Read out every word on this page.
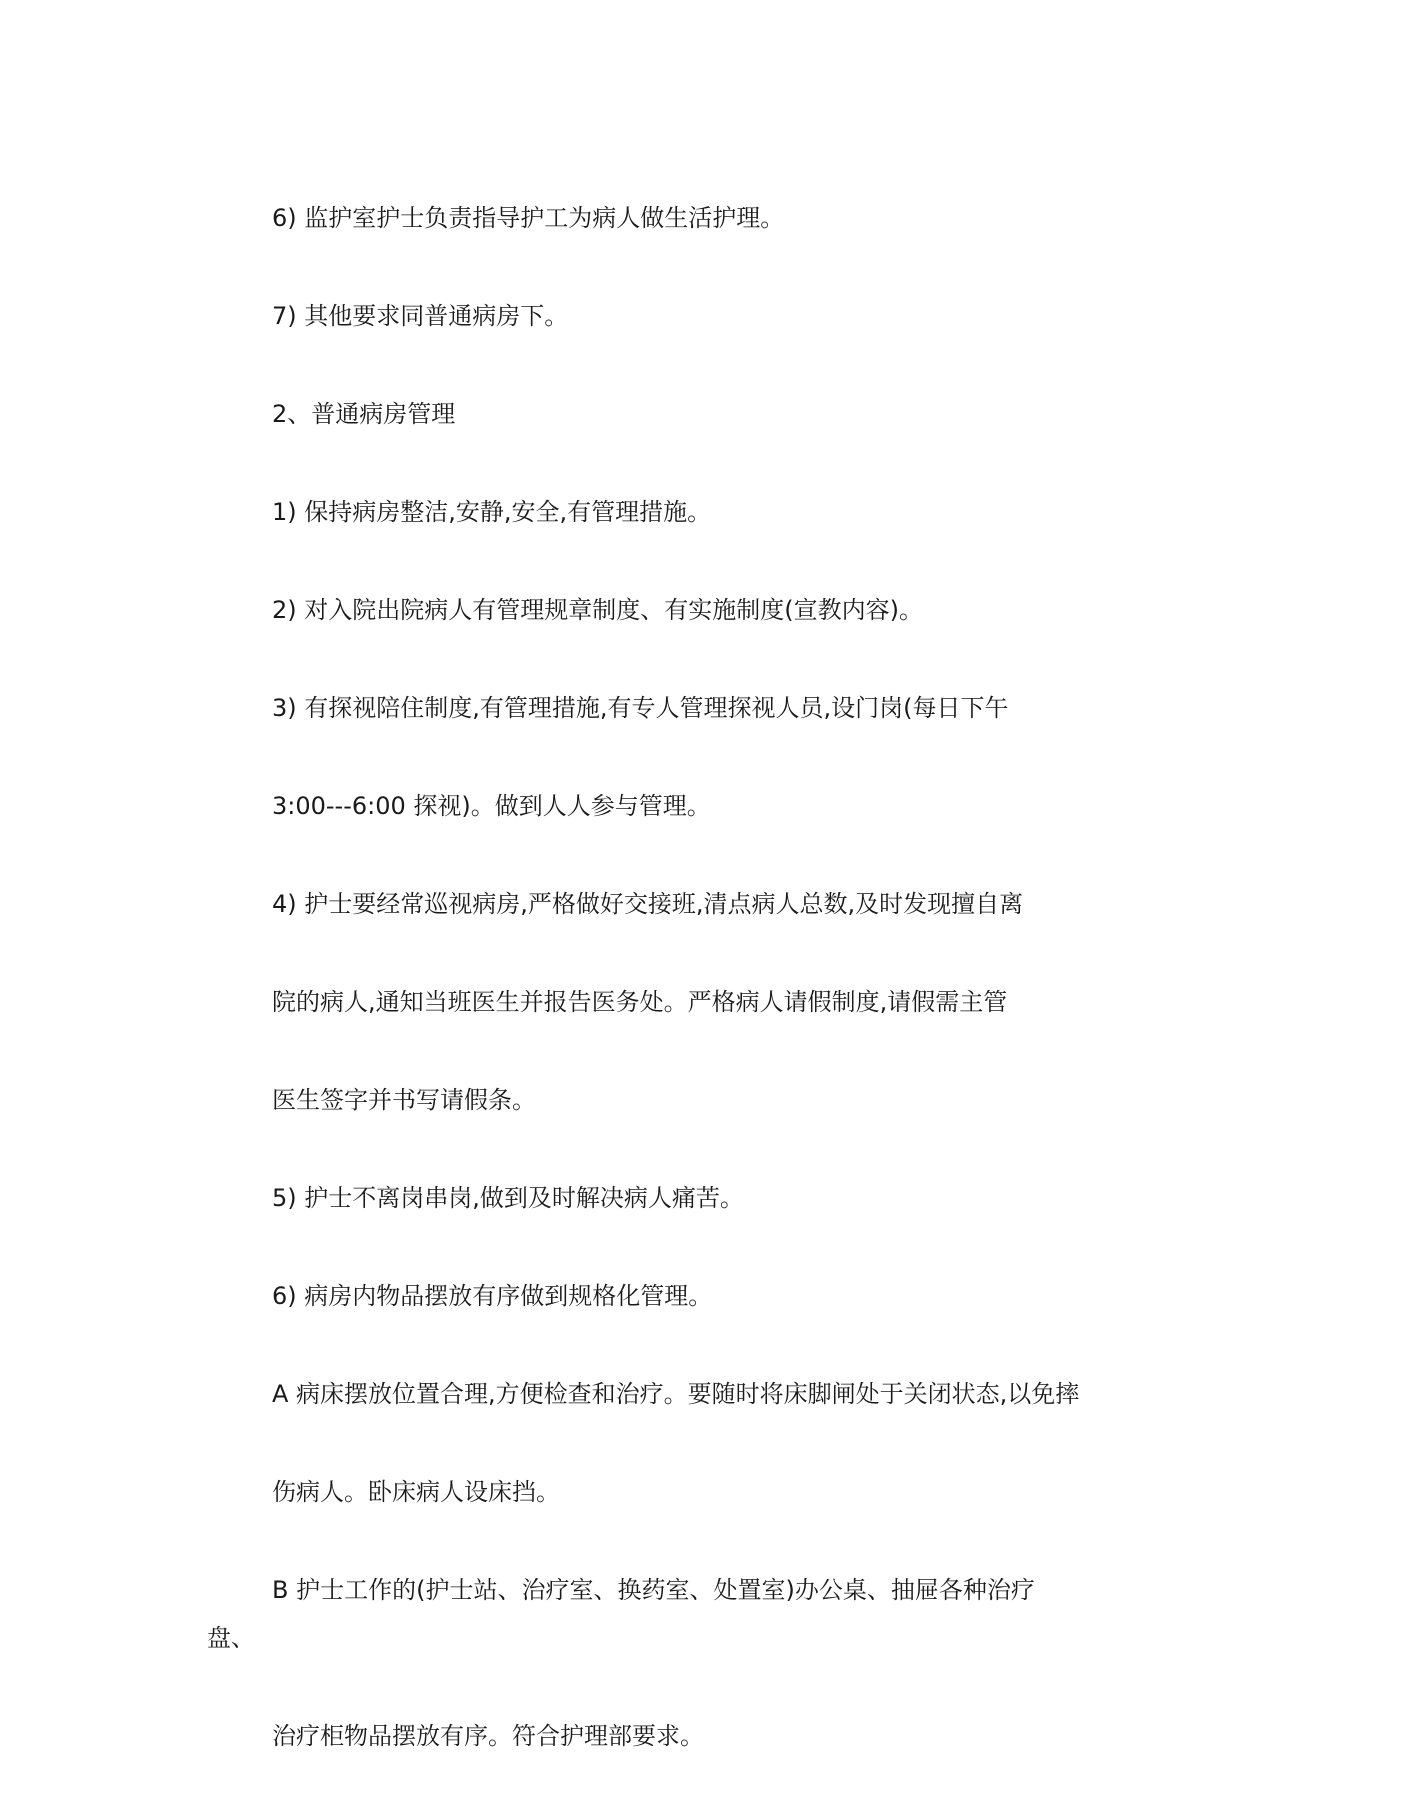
6) 监护室护士负责指导护工为病人做生活护理。

7) 其他要求同普通病房下。

2、普通病房管理

1) 保持病房整洁,安静,安全,有管理措施。

2) 对入院出院病人有管理规章制度、有实施制度(宣教内容)。

3) 有探视陪住制度,有管理措施,有专人管理探视人员,设门岗(每日下午

3:00---6:00 探视)。做到人人参与管理。

4) 护士要经常巡视病房,严格做好交接班,清点病人总数,及时发现擅自离

院的病人,通知当班医生并报告医务处。严格病人请假制度,请假需主管

医生签字并书写请假条。

5) 护士不离岗串岗,做到及时解决病人痛苦。

6) 病房内物品摆放有序做到规格化管理。

A 病床摆放位置合理,方便检查和治疗。要随时将床脚闸处于关闭状态,以免摔

伤病人。卧床病人设床挡。

B 护士工作的(护士站、治疗室、换药室、处置室)办公桌、抽屉各种治疗

盘、

治疗柜物品摆放有序。符合护理部要求。
